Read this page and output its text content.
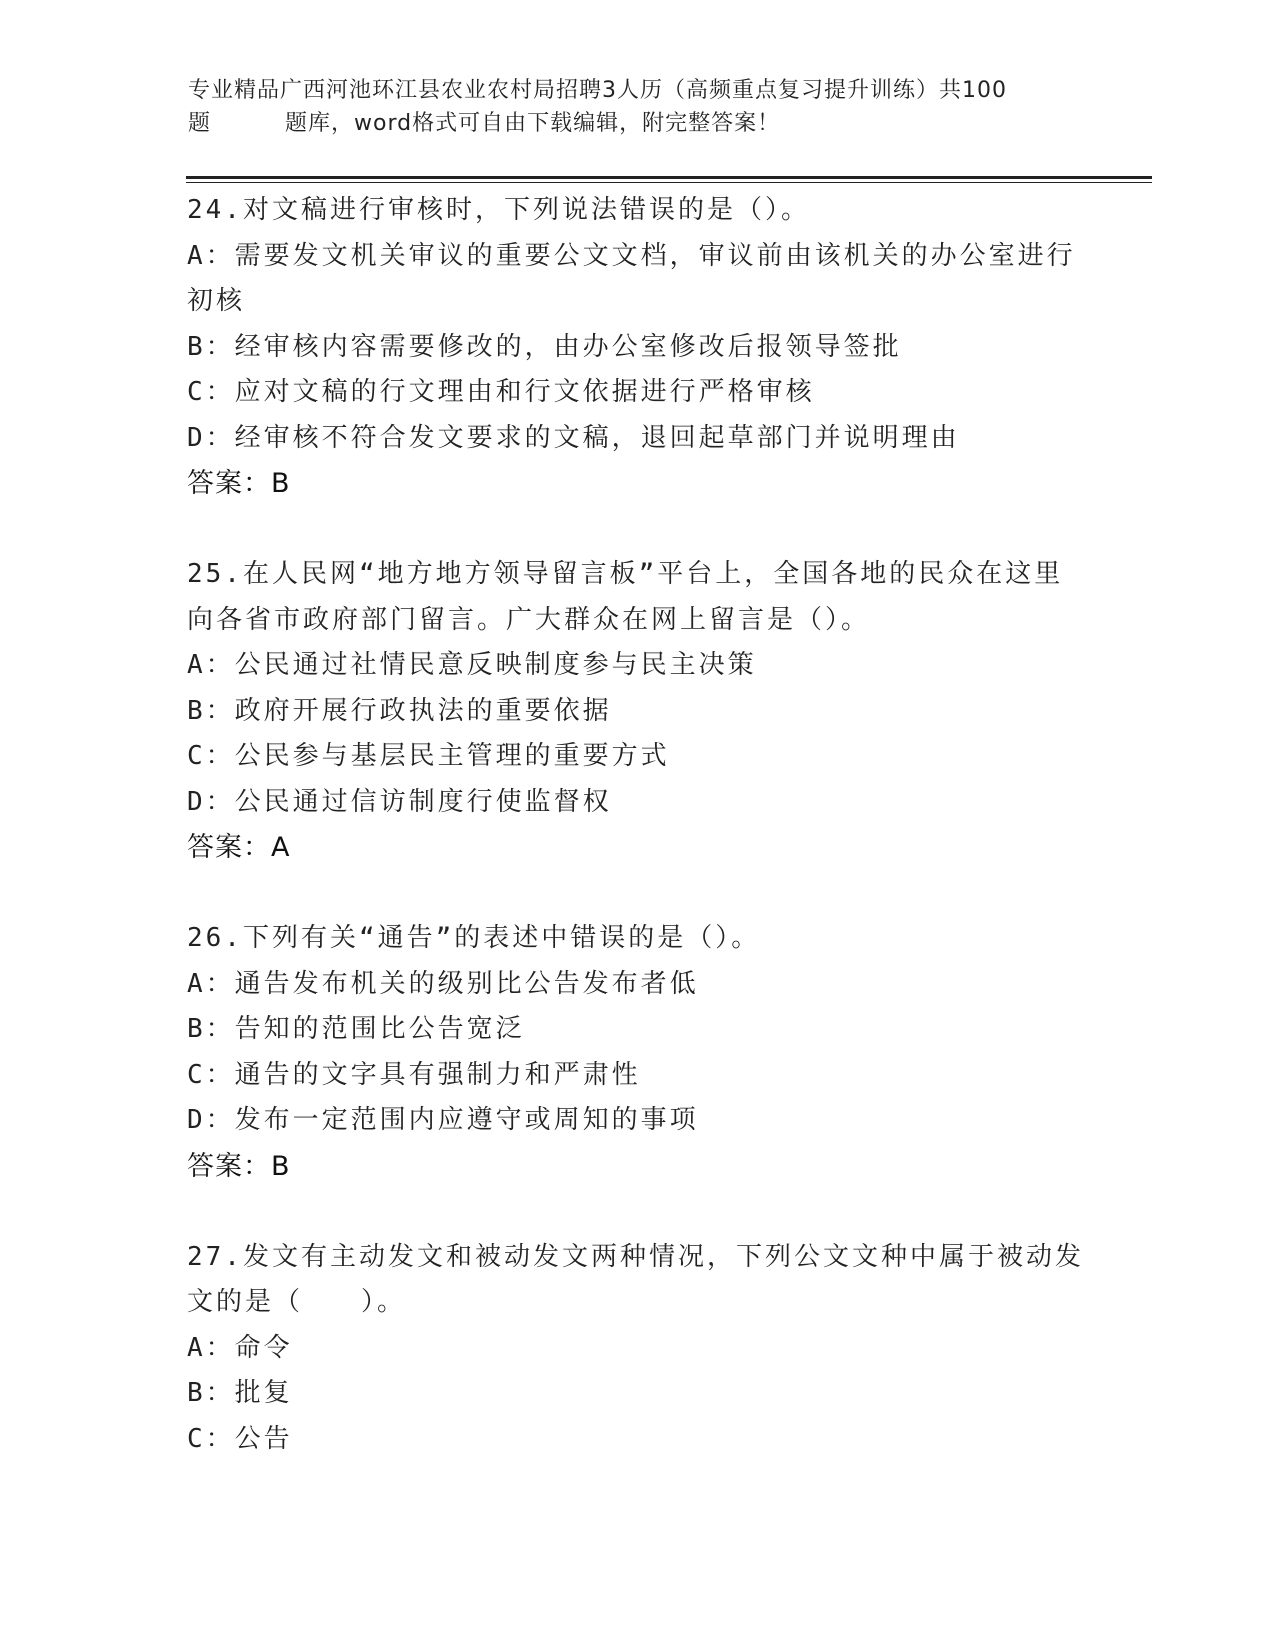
专业精品广西河池环江县农业农村局招聘3人历（高频重点复习提升训练）共100
题	题库，word格式可自由下载编辑，附完整答案！
24.对文稿进行审核时，下列说法错误的是（）。
A：需要发文机关审议的重要公文文档，审议前由该机关的办公室进行初核
B：经审核内容需要修改的，由办公室修改后报领导签批
C：应对文稿的行文理由和行文依据进行严格审核
D：经审核不符合发文要求的文稿，退回起草部门并说明理由
答案：B
25.在人民网“地方地方领导留言板”平台上，全国各地的民众在这里向各省市政府部门留言。广大群众在网上留言是（）。
A：公民通过社情民意反映制度参与民主决策
B：政府开展行政执法的重要依据
C：公民参与基层民主管理的重要方式
D：公民通过信访制度行使监督权
答案：A
26.下列有关“通告”的表述中错误的是（）。
A：通告发布机关的级别比公告发布者低
B：告知的范围比公告宽泛
C：通告的文字具有强制力和严肃性
D：发布一定范围内应遵守或周知的事项
答案：B
27.发文有主动发文和被动发文两种情况，下列公文文种中属于被动发文的是（　　）。
A：命令
B：批复
C：公告
